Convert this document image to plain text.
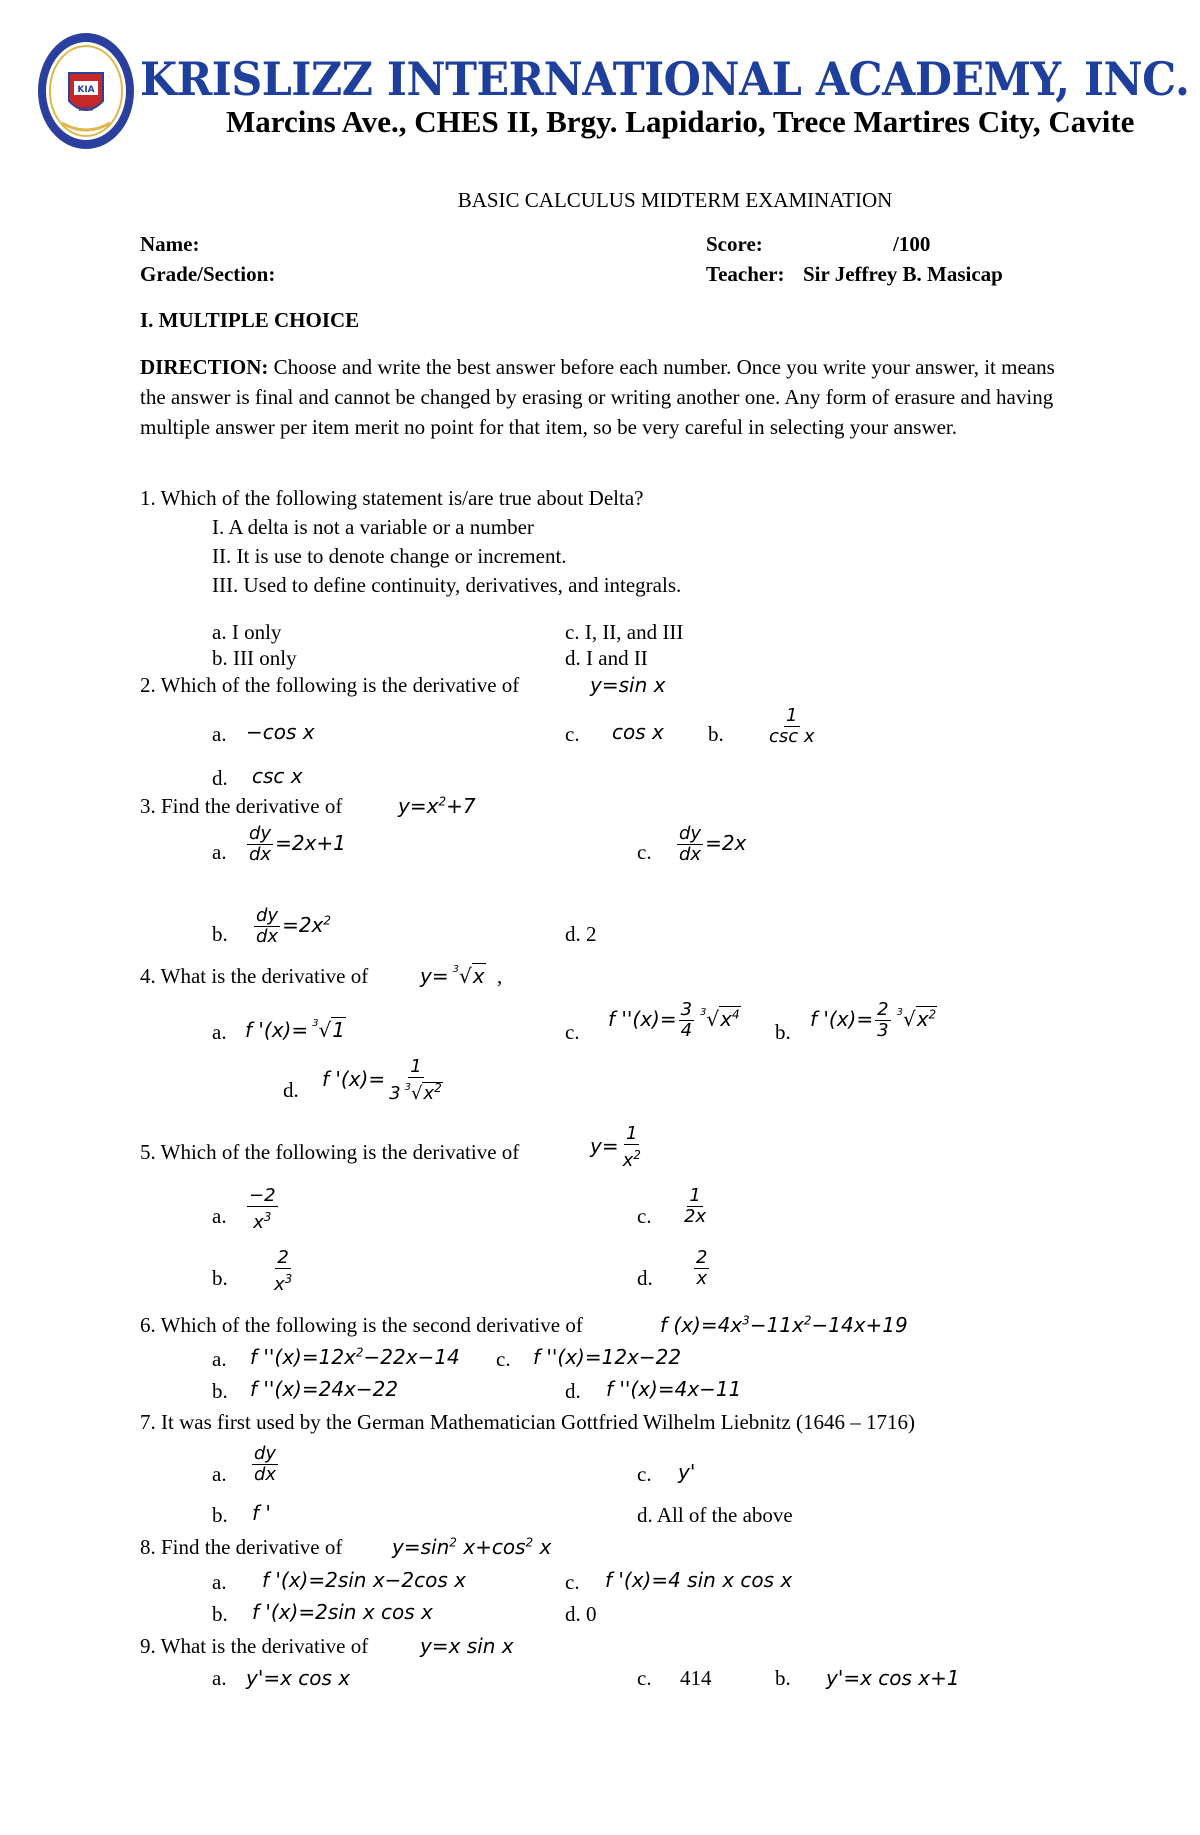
KIA
2005
KRISLIZZ INTERNATIONAL ACADEMY, INC.
Marcins Ave., CHES II, Brgy. Lapidario, Trece Martires City, Cavite
BASIC CALCULUS MIDTERM EXAMINATION
Name:
Grade/Section:
Score:	/100
Teacher: Sir Jeffrey B. Masicap
I. MULTIPLE CHOICE
DIRECTION: Choose and write the best answer before each number. Once you write your answer, it means the answer is final and cannot be changed by erasing or writing another one. Any form of erasure and having multiple answer per item merit no point for that item, so be very careful in selecting your answer.
1. Which of the following statement is/are true about Delta?
I. A delta is not a variable or a number
II. It is use to denote change or increment.
III. Used to define continuity, derivatives, and integrals.
a. I only	c. I, II, and III
b. III only	d. I and II
2. Which of the following is the derivative of	y=sin x
a. −cos x	c. cos x b. $\frac{1}{\text{csc x}}$
d. csc x
3. Find the derivative of	$y=x^2+7$
a. $\frac{dy}{dx} =2x+1$	c. $\frac{dy}{dx} =2x$
b. $\frac{dy}{dx} =2x^2$
d. 2
4. What is the derivative of	y= $^3$√x ,
a. f '(x)= $^3$√1	c.
f ''$(x)= \frac{3}{4} ^3√x^4$
b.
f '$(x)= \frac{2}{3} ^3√x^2$
d. f '$(x)= \frac{1}{3 ^3√x^2}$
5. Which of the following is the derivative of	$y= \frac{1}{x^2}$
a. $\frac{-2}{x^3}$	c. $\frac{1}{2x}$
b. $\frac{2}{x^3}$	d. $\frac{2}{x}$
6. Which of the following is the second derivative of	f $(x)=4x^3-11x^2-14x+19$
a. f ''$(x)=12x^2-22x-14$ c. f ''(x)=12x−22
b. f ''(x)=24x−22	d. f ''(x)=4x−11
7. It was first used by the German Mathematician Gottfried Wilhelm Liebnitz (1646 – 1716)
a. $\frac{dy}{dx}$	c. y'
b. f '	d. All of the above
8. Find the derivative of $y=\sin^2$ $x+\cos^2$ x
a. f '(x)=2sin x−2cos x	c. f '(x)=4 sin x cos x
b. f '(x)=2sin x cos x	d. 0
9. What is the derivative of	y=x sin x
a. y'=x cos x	c. 414	b. y'=x cos x+1
